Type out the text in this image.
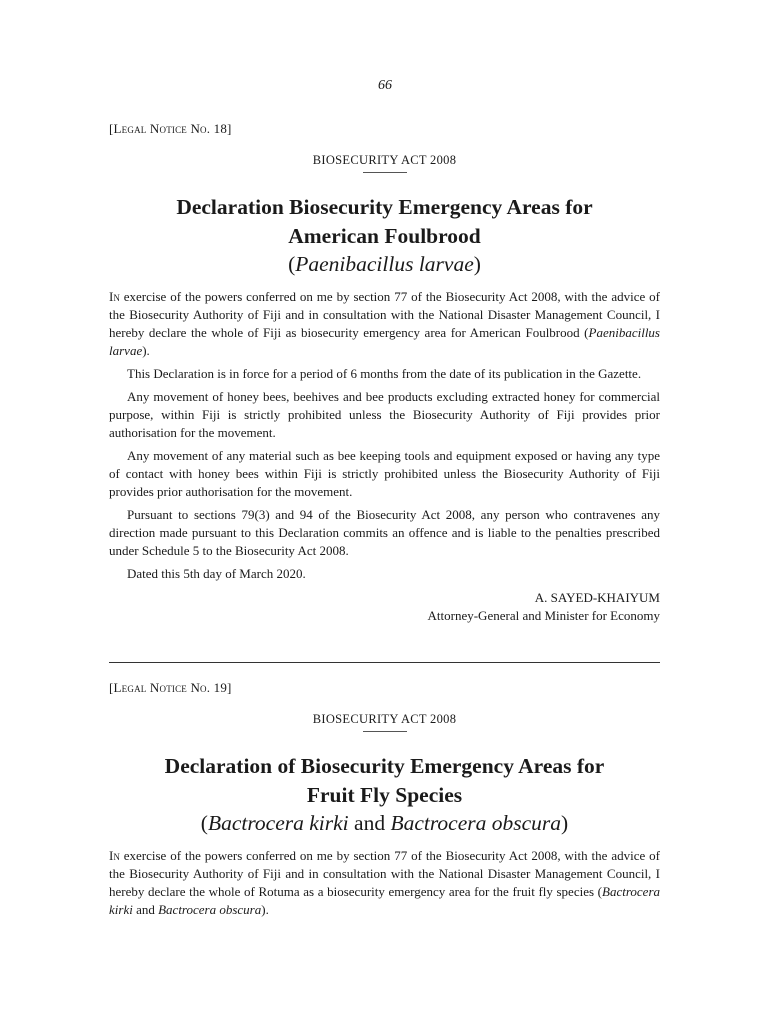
66
[Legal Notice No. 18]
BIOSECURITY ACT 2008
Declaration Biosecurity Emergency Areas for
American Foulbrood
(Paenibacillus larvae)

In exercise of the powers conferred on me by section 77 of the Biosecurity Act 2008, with the advice of the Biosecurity Authority of Fiji and in consultation with the National Disaster Management Council, I hereby declare the whole of Fiji as biosecurity emergency area for American Foulbrood (Paenibacillus larvae).

This Declaration is in force for a period of 6 months from the date of its publication in the Gazette.

Any movement of honey bees, beehives and bee products excluding extracted honey for commercial purpose, within Fiji is strictly prohibited unless the Biosecurity Authority of Fiji provides prior authorisation for the movement.

Any movement of any material such as bee keeping tools and equipment exposed or having any type of contact with honey bees within Fiji is strictly prohibited unless the Biosecurity Authority of Fiji provides prior authorisation for the movement.

Pursuant to sections 79(3) and 94 of the Biosecurity Act 2008, any person who contravenes any direction made pursuant to this Declaration commits an offence and is liable to the penalties prescribed under Schedule 5 to the Biosecurity Act 2008.

Dated this 5th day of March 2020.

A. SAYED-KHAIYUM
Attorney-General and Minister for Economy
[Legal Notice No. 19]
BIOSECURITY ACT 2008
Declaration of Biosecurity Emergency Areas for
Fruit Fly Species
(Bactrocera kirki and Bactrocera obscura)

In exercise of the powers conferred on me by section 77 of the Biosecurity Act 2008, with the advice of the Biosecurity Authority of Fiji and in consultation with the National Disaster Management Council, I hereby declare the whole of Rotuma as a biosecurity emergency area for the fruit fly species (Bactrocera kirki and Bactrocera obscura).
